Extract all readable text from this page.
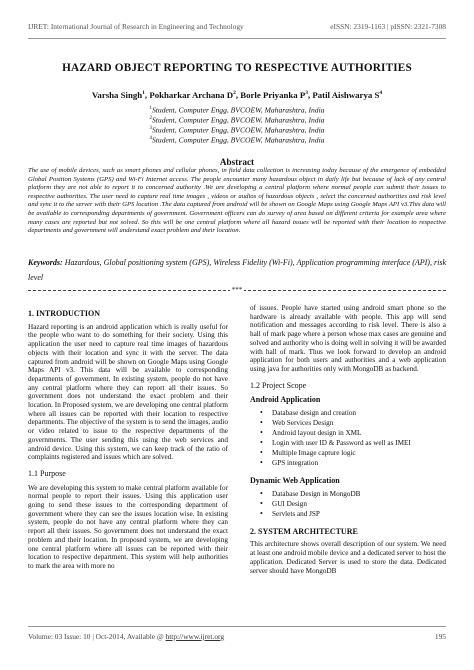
IJRET: International Journal of Research in Engineering and Technology	eISSN: 2319-1163 | pISSN: 2321-7308
HAZARD OBJECT REPORTING TO RESPECTIVE AUTHORITIES
Varsha Singh$^1$, Pokharkar Archana $D^2$, Borle Priyanka $P^3$, Patil Aishwarya $S^4$
$^1$Student, Computer Engg, BVCOEW, Maharashtra, India
$^2$Student, Computer Engg, BVCOEW, Maharashtra, India
$^3$Student, Computer Engg, BVCOEW, Maharashtra, India
$^4$Student, Computer Engg, BVCOEW, Maharashtra, India
Abstract
The use of mobile devices, such as smart phones and cellular phones, in field data collection is increasing today because of the emergence of embedded Global Position Systems (GPS) and Wi-Fi Internet access. The people encounter many hazardous object in daily life but because of lack of any central platform they are not able to report it to concerned authority .We are developing a central platform where normal people can submit their issues to respective authorities. The user need to capture real time images , videos or audios of hazardous objects , select the concerned authorities and risk level and sync it to the server with their GPS location .The data captured from android will be shown on Google Maps using Google Maps API v3.This data will be available to corresponding departments of government. Government officers can do survey of area based on different criteria for example area where many cases are reported but not solved. So this will be one central platform where all hazard issues will be reported with their location to respective departments and government will understand exact problem and their location.
Keywords: Hazardous, Global positioning system (GPS), Wireless Fidelity (Wi-Fi), Application programming interface (API), risk level
***
1. INTRODUCTION

Hazard reporting is an android application which is really useful for the people who want to do something for their society. Using this application the user need to capture real time images of hazardous objects with their location and sync it with the server. The data captured from android will be shown on Google Maps using Google Maps API v3. This data will be available to corresponding departments of government. In existing system, people do not have any central platform where they can report all their issues. So government does not understand the exact problem and their location. In Proposed system, we are developing one central platform where all issues can be reported with their location to respective departments. The objective of the system is to send the images, audio or video related to issue to the respective departments of the governments. The user sending this using the web services and android device. Using this system, we can keep track of the ratio of complaints registered and issues which are solved.

1.1 Purpose

We are developing this system to make central platform available for normal people to report their issues. Using this application user going to send these issues to the corresponding department of government where they can see the issues location wise. In existing system, people do not have any central platform where they can report all their issues. So government does not understand the exact problem and their location. In proposed system, we are developing one central platform where all issues can be reported with their location to respective department. This system will help authorities to mark the area with more no

of issues. People have started using android smart phone so the hardware is already available with people. This app will send notification and messages according to risk level. There is also a hall of mark page where a person whose max cases are genuine and solved and authority who is doing well in solving it will be awarded with hall of mark. Thus we look forward to develop an android application for both users and authorities and a web application using java for authorities only with MongoDB as backend.

1.2 Project Scope
Android Application
• Database design and creation
• Web Services Design
• Android layout design in XML
• Login with user ID & Password as well as IMEI
• Multiple Image capture logic
• GPS integration
Dynamic Web Application
• Database Design in MongoDB
• GUI Design
• Servlets and JSP
2. SYSTEM ARCHITECTURE

This architecture shows overall description of our system. We need at least one android mobile device and a dedicated server to host the application. Dedicated Server is used to store the data. Dedicated server should have MongoDB

Volume: 03 Issue: 10 | Oct-2014, Available @ http://www.ijret.org	195
